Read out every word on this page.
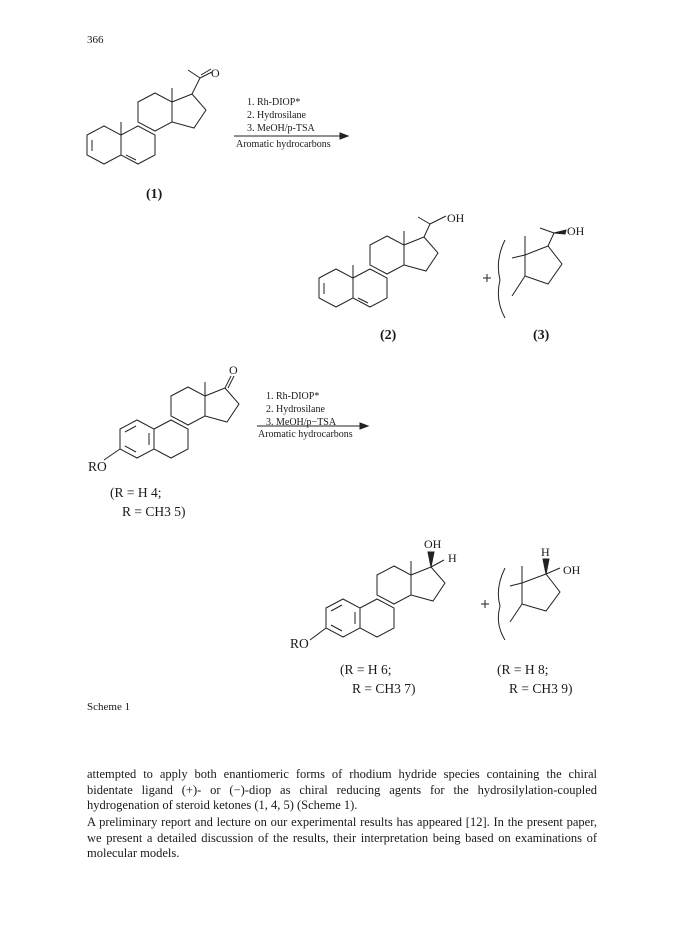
366
O
1. Rh-DIOP*
2. Hydrosilane
3. MeOH/p-TSA
Aromatic hydrocarbons
(1)
OH
OH
(2)	(3)
O
1. Rh-DIOP*
2. Hydrosilane
3. MeOH/p−TSA
Aromatic hydrocarbons
RO
(R = H 4;
R = CH3 5)
OH
H	H
OH
RO
(R = H 6;
R = CH3 7)
(R = H 8;
R = CH3 9)
Scheme 1
attempted to apply both enantiomeric forms of rhodium hydride species containing the chiral bidentate ligand (+)- or (−)-diop as chiral reducing agents for the hydrosilylation-coupled hydrogenation of steroid ketones (1, 4, 5) (Scheme 1).
A preliminary report and lecture on our experimental results has appeared [12]. In the present paper, we present a detailed discussion of the results, their interpretation being based on examinations of molecular models.
